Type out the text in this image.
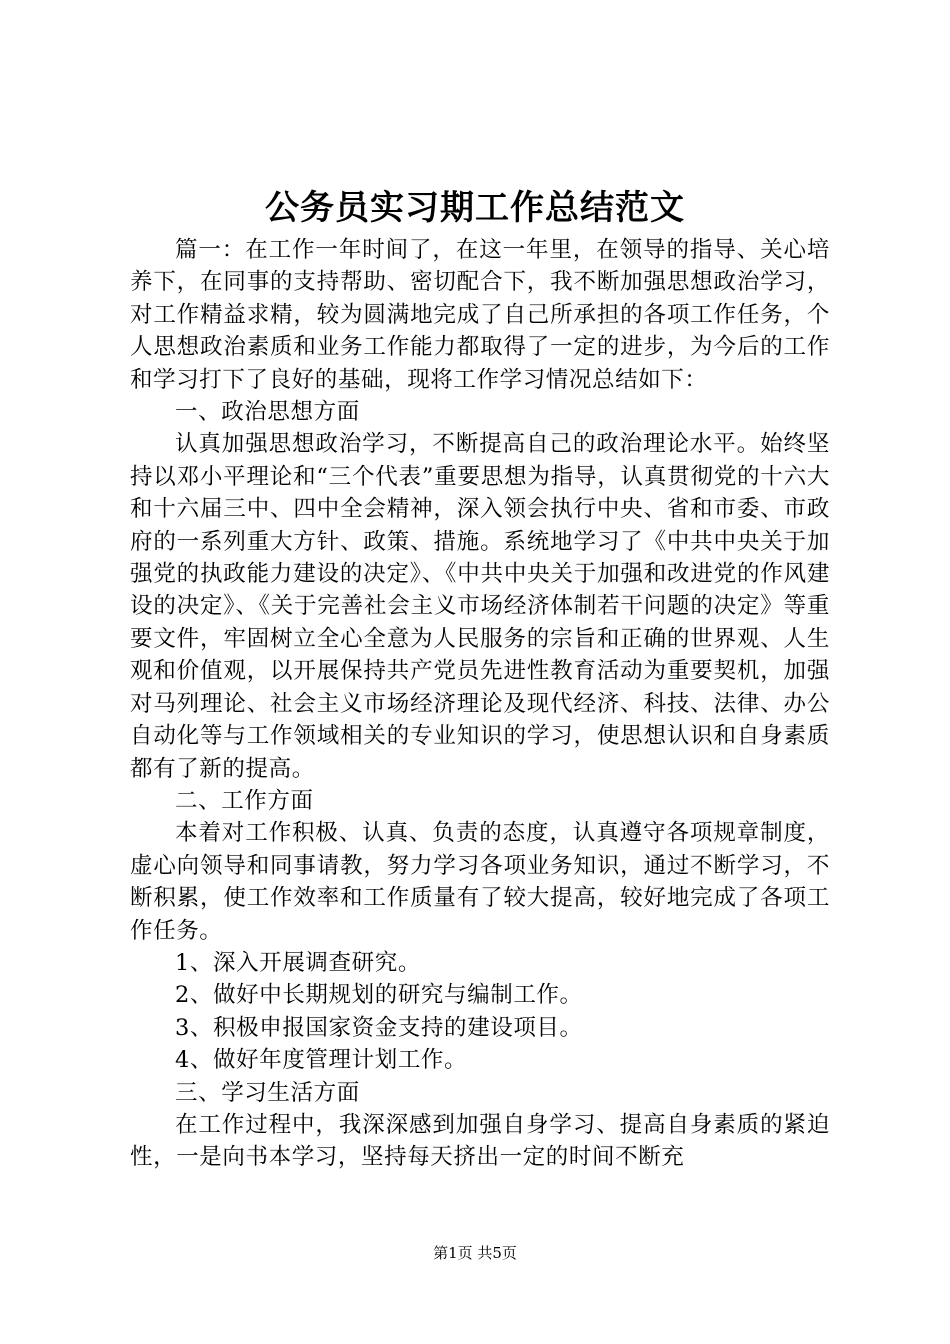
公务员实习期工作总结范文

篇一：在工作一年时间了，在这一年里，在领导的指导、关心培养下，在同事的支持帮助、密切配合下，我不断加强思想政治学习，对工作精益求精，较为圆满地完成了自己所承担的各项工作任务，个人思想政治素质和业务工作能力都取得了一定的进步，为今后的工作和学习打下了良好的基础，现将工作学习情况总结如下：

一、政治思想方面

认真加强思想政治学习，不断提高自己的政治理论水平。始终坚持以邓小平理论和“三个代表”重要思想为指导，认真贯彻党的十六大和十六届三中、四中全会精神，深入领会执行中央、省和市委、市政府的一系列重大方针、政策、措施。系统地学习了《中共中央关于加强党的执政能力建设的决定》、《中共中央关于加强和改进党的作风建设的决定》、《关于完善社会主义市场经济体制若干问题的决定》等重要文件，牢固树立全心全意为人民服务的宗旨和正确的世界观、人生观和价值观，以开展保持共产党员先进性教育活动为重要契机，加强对马列理论、社会主义市场经济理论及现代经济、科技、法律、办公自动化等与工作领域相关的专业知识的学习，使思想认识和自身素质都有了新的提高。

二、工作方面

本着对工作积极、认真、负责的态度，认真遵守各项规章制度，虚心向领导和同事请教，努力学习各项业务知识，通过不断学习，不断积累，使工作效率和工作质量有了较大提高，较好地完成了各项工作任务。

1、深入开展调查研究。

2、做好中长期规划的研究与编制工作。

3、积极申报国家资金支持的建设项目。

4、做好年度管理计划工作。

三、学习生活方面

在工作过程中，我深深感到加强自身学习、提高自身素质的紧迫性，一是向书本学习，坚持每天挤出一定的时间不断充

第1页 共5页
